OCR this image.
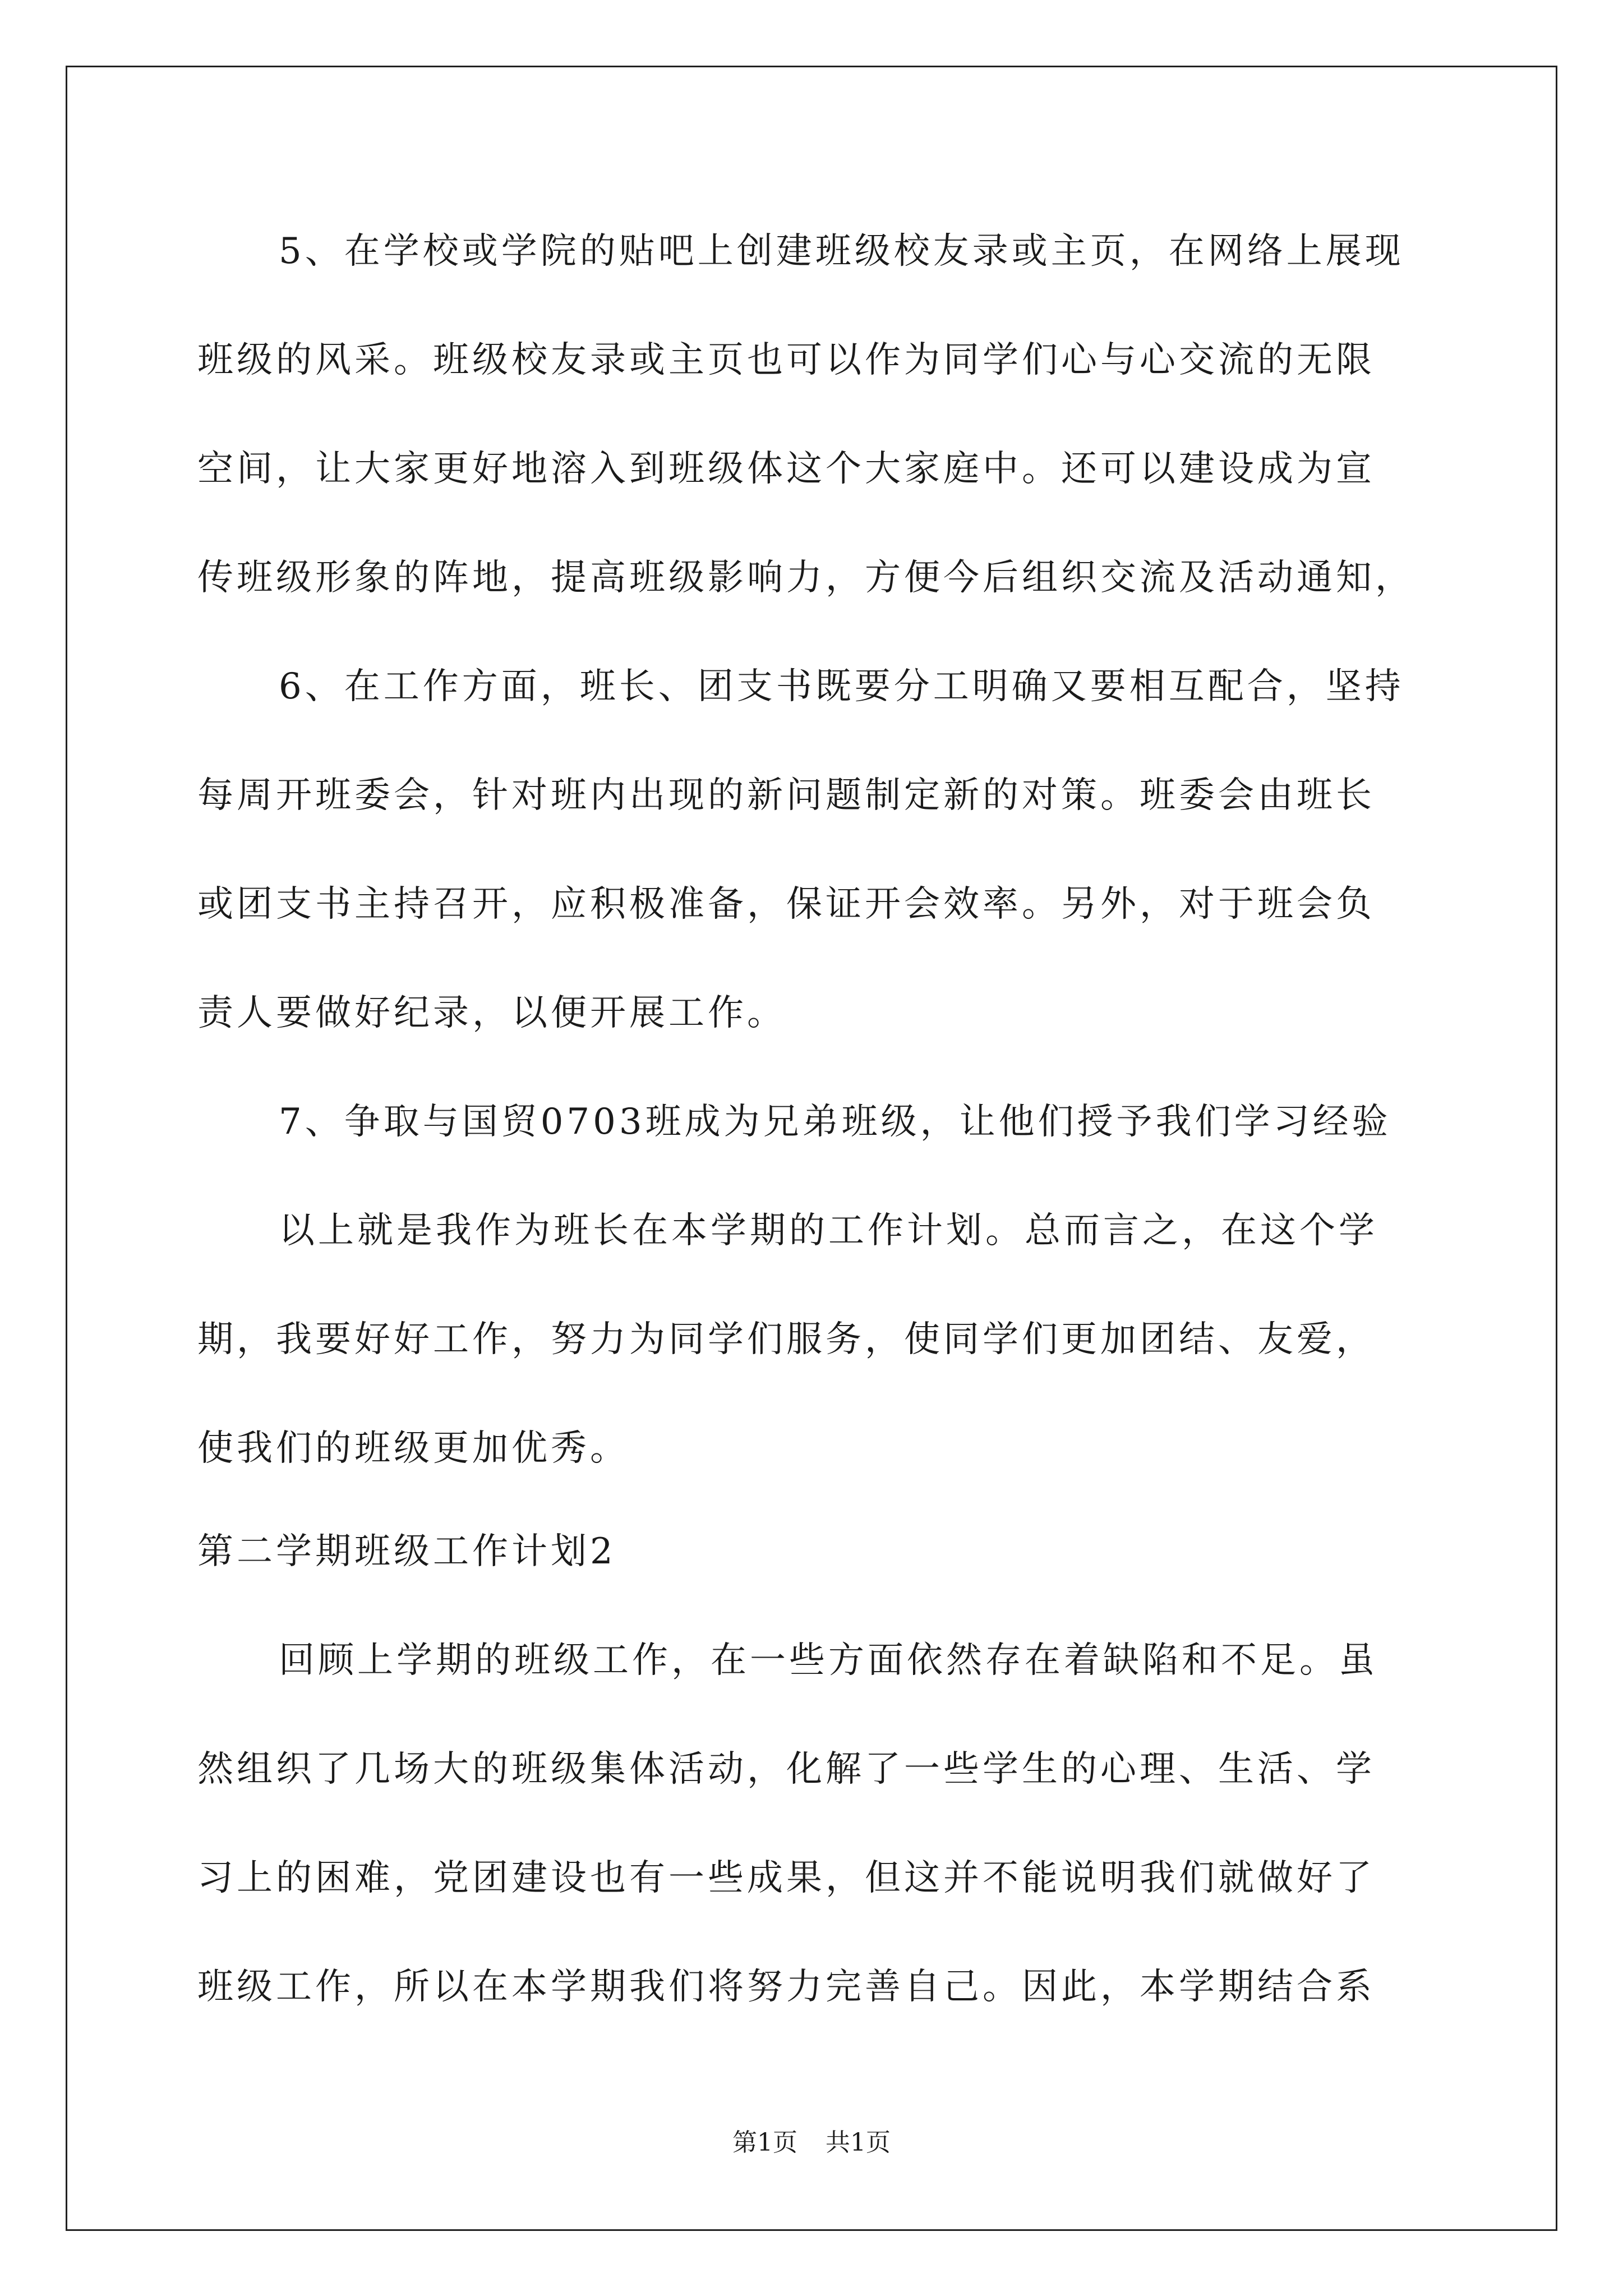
5、在学校或学院的贴吧上创建班级校友录或主页，在网络上展现
班级的风采。班级校友录或主页也可以作为同学们心与心交流的无限
空间，让大家更好地溶入到班级体这个大家庭中。还可以建设成为宣
传班级形象的阵地，提高班级影响力，方便今后组织交流及活动通知，
6、在工作方面，班长、团支书既要分工明确又要相互配合，坚持
每周开班委会，针对班内出现的新问题制定新的对策。班委会由班长
或团支书主持召开，应积极准备，保证开会效率。另外，对于班会负
责人要做好纪录，以便开展工作。
7、争取与国贸0703班成为兄弟班级，让他们授予我们学习经验
以上就是我作为班长在本学期的工作计划。总而言之，在这个学
期，我要好好工作，努力为同学们服务，使同学们更加团结、友爱，
使我们的班级更加优秀。
第二学期班级工作计划2
回顾上学期的班级工作，在一些方面依然存在着缺陷和不足。虽
然组织了几场大的班级集体活动，化解了一些学生的心理、生活、学
习上的困难，党团建设也有一些成果，但这并不能说明我们就做好了
班级工作，所以在本学期我们将努力完善自己。因此，本学期结合系
第1页 共1页
